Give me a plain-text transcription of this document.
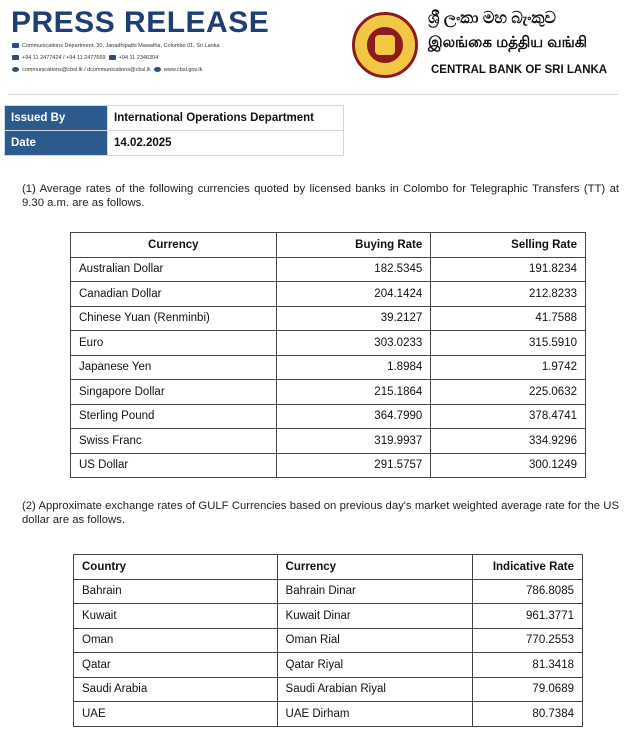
PRESS RELEASE
Communications Department, 30, Janadhipathi Mawatha, Colombo 01, Sri Lanka
+94 11 2477424 / +94 11 2477669 +94 11 2346304
communications@cbsl.lk / dcommunications@cbsl.lk www.cbsl.gov.lk
ශ්‍රී ලංකා මහ බැංකුව
இலங்கை மத்திய வங்கி
CENTRAL BANK OF SRI LANKA
Issued By	International Operations Department
Date	14.02.2025
(1) Average rates of the following currencies quoted by licensed banks in Colombo for Telegraphic Transfers (TT) at 9.30 a.m. are as follows.
Currency	Buying Rate	Selling Rate
Australian Dollar	182.5345	191.8234
Canadian Dollar	204.1424	212.8233
Chinese Yuan (Renminbi)	39.2127	41.7588
Euro	303.0233	315.5910
Japanese Yen	1.8984	1.9742
Singapore Dollar	215.1864	225.0632
Sterling Pound	364.7990	378.4741
Swiss Franc	319.9937	334.9296
US Dollar	291.5757	300.1249
(2) Approximate exchange rates of GULF Currencies based on previous day's market weighted average rate for the US dollar are as follows.
Country	Currency	Indicative Rate
Bahrain	Bahrain Dinar	786.8085
Kuwait	Kuwait Dinar	961.3771
Oman	Oman Rial	770.2553
Qatar	Qatar Riyal	81.3418
Saudi Arabia	Saudi Arabian Riyal	79.0689
UAE	UAE Dirham	80.7384
